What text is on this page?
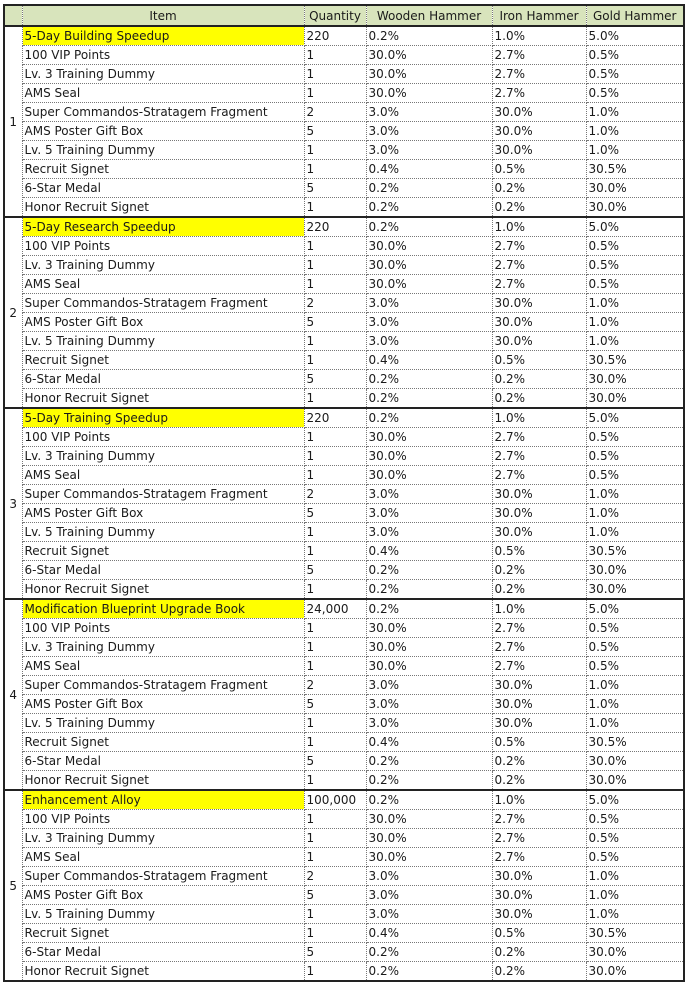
	Item	Quantity	Wooden Hammer	Iron Hammer	Gold Hammer
1	5-Day Building Speedup	220	0.2%	1.0%	5.0%
	100 VIP Points	1	30.0%	2.7%	0.5%
	Lv. 3 Training Dummy	1	30.0%	2.7%	0.5%
	AMS Seal	1	30.0%	2.7%	0.5%
	Super Commandos-Stratagem Fragment	2	3.0%	30.0%	1.0%
	AMS Poster Gift Box	5	3.0%	30.0%	1.0%
	Lv. 5 Training Dummy	1	3.0%	30.0%	1.0%
	Recruit Signet	1	0.4%	0.5%	30.5%
	6-Star Medal	5	0.2%	0.2%	30.0%
	Honor Recruit Signet	1	0.2%	0.2%	30.0%
2	5-Day Research Speedup	220	0.2%	1.0%	5.0%
	100 VIP Points	1	30.0%	2.7%	0.5%
	Lv. 3 Training Dummy	1	30.0%	2.7%	0.5%
	AMS Seal	1	30.0%	2.7%	0.5%
	Super Commandos-Stratagem Fragment	2	3.0%	30.0%	1.0%
	AMS Poster Gift Box	5	3.0%	30.0%	1.0%
	Lv. 5 Training Dummy	1	3.0%	30.0%	1.0%
	Recruit Signet	1	0.4%	0.5%	30.5%
	6-Star Medal	5	0.2%	0.2%	30.0%
	Honor Recruit Signet	1	0.2%	0.2%	30.0%
3	5-Day Training Speedup	220	0.2%	1.0%	5.0%
	100 VIP Points	1	30.0%	2.7%	0.5%
	Lv. 3 Training Dummy	1	30.0%	2.7%	0.5%
	AMS Seal	1	30.0%	2.7%	0.5%
	Super Commandos-Stratagem Fragment	2	3.0%	30.0%	1.0%
	AMS Poster Gift Box	5	3.0%	30.0%	1.0%
	Lv. 5 Training Dummy	1	3.0%	30.0%	1.0%
	Recruit Signet	1	0.4%	0.5%	30.5%
	6-Star Medal	5	0.2%	0.2%	30.0%
	Honor Recruit Signet	1	0.2%	0.2%	30.0%
4	Modification Blueprint Upgrade Book	24,000	0.2%	1.0%	5.0%
	100 VIP Points	1	30.0%	2.7%	0.5%
	Lv. 3 Training Dummy	1	30.0%	2.7%	0.5%
	AMS Seal	1	30.0%	2.7%	0.5%
	Super Commandos-Stratagem Fragment	2	3.0%	30.0%	1.0%
	AMS Poster Gift Box	5	3.0%	30.0%	1.0%
	Lv. 5 Training Dummy	1	3.0%	30.0%	1.0%
	Recruit Signet	1	0.4%	0.5%	30.5%
	6-Star Medal	5	0.2%	0.2%	30.0%
	Honor Recruit Signet	1	0.2%	0.2%	30.0%
5	Enhancement Alloy	100,000	0.2%	1.0%	5.0%
	100 VIP Points	1	30.0%	2.7%	0.5%
	Lv. 3 Training Dummy	1	30.0%	2.7%	0.5%
	AMS Seal	1	30.0%	2.7%	0.5%
	Super Commandos-Stratagem Fragment	2	3.0%	30.0%	1.0%
	AMS Poster Gift Box	5	3.0%	30.0%	1.0%
	Lv. 5 Training Dummy	1	3.0%	30.0%	1.0%
	Recruit Signet	1	0.4%	0.5%	30.5%
	6-Star Medal	5	0.2%	0.2%	30.0%
	Honor Recruit Signet	1	0.2%	0.2%	30.0%
